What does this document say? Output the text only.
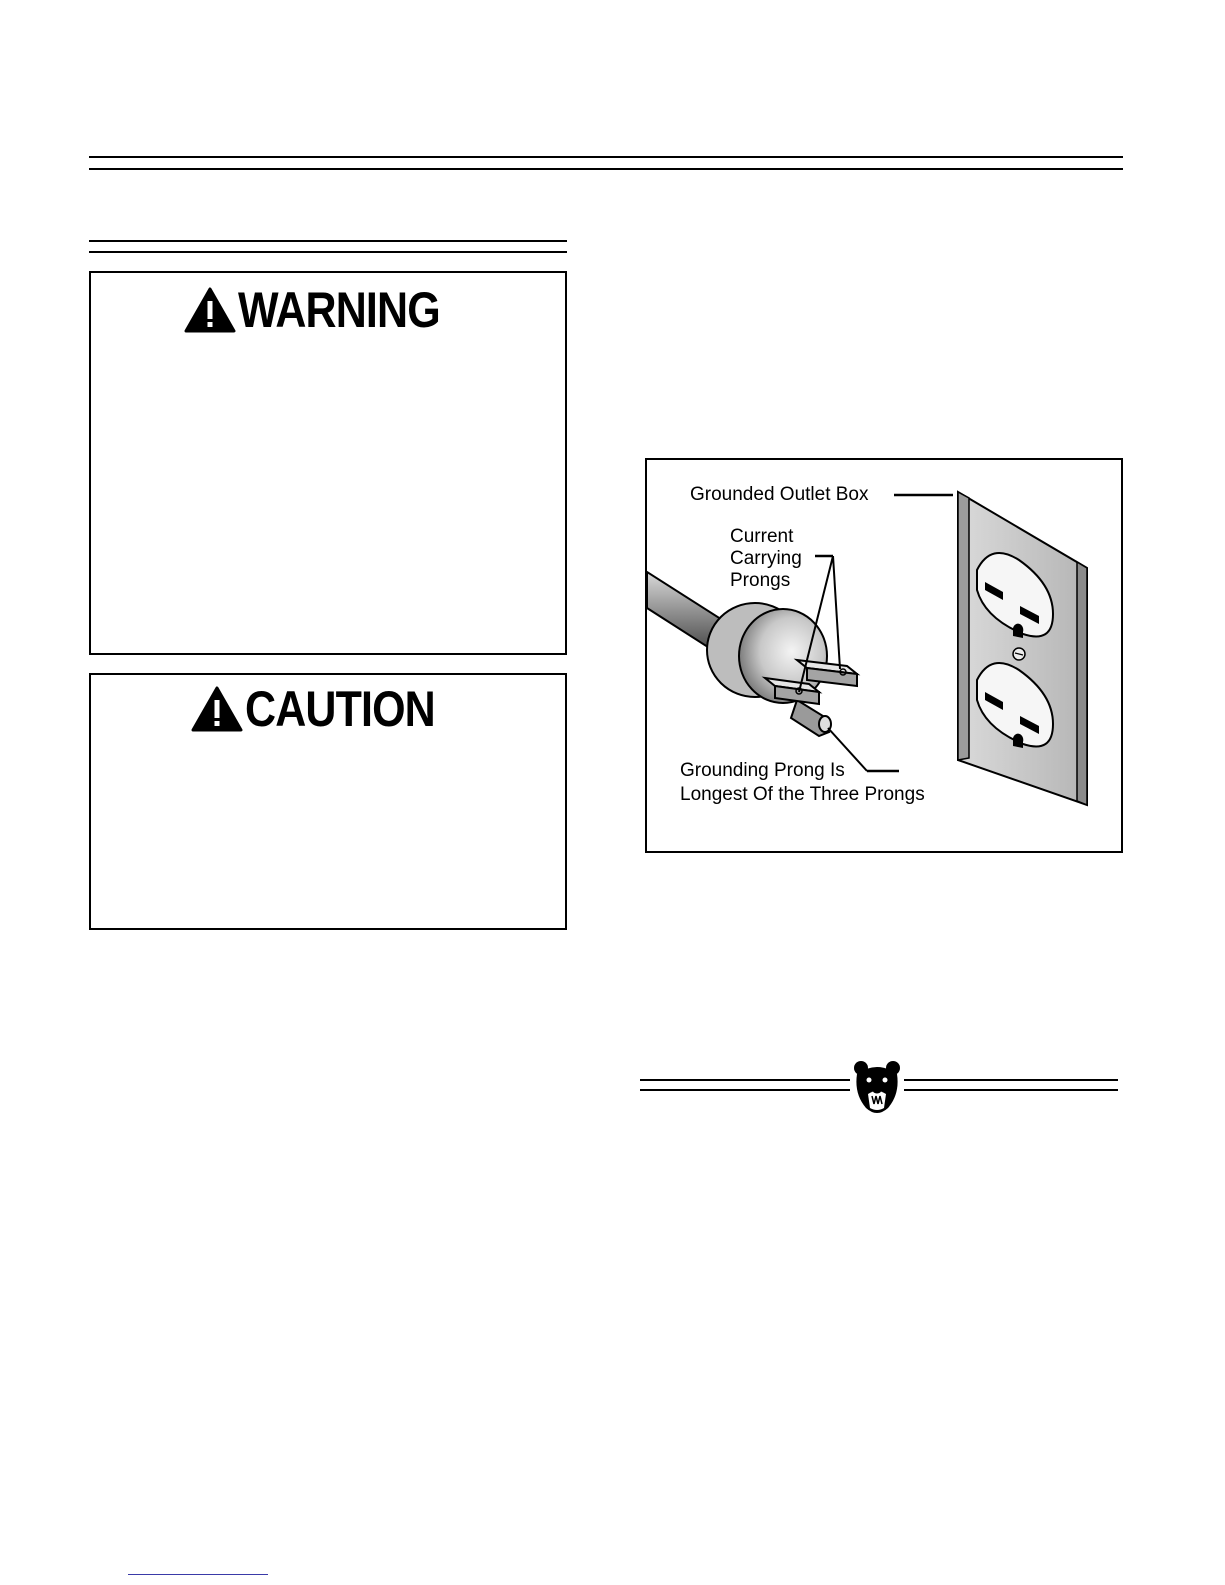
WARNING
CAUTION
Grounded Outlet Box
Current
Carrying
Prongs
Grounding Prong Is
Longest Of the Three Prongs
